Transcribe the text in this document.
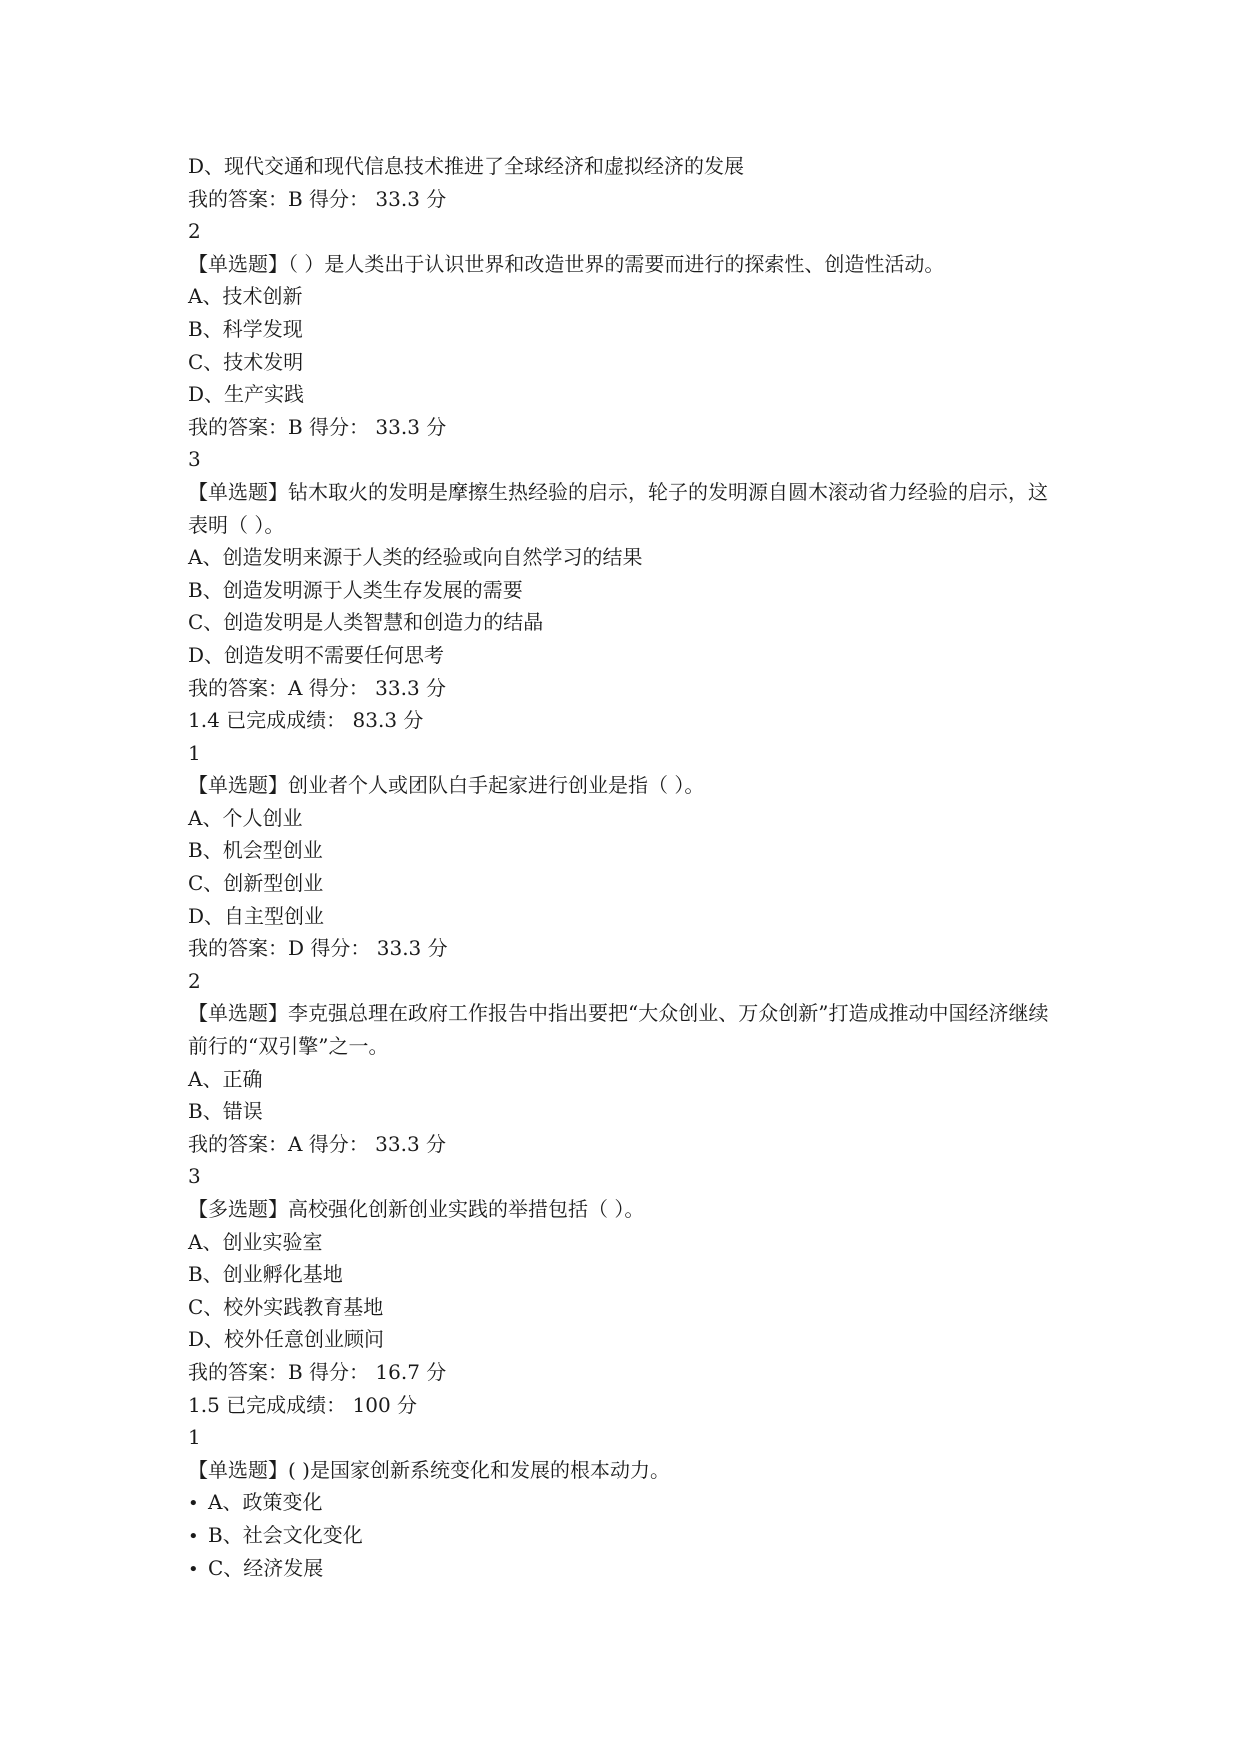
D、现代交通和现代信息技术推进了全球经济和虚拟经济的发展
我的答案：B 得分： 33.3 分
2
【单选题】（ ）是人类出于认识世界和改造世界的需要而进行的探索性、创造性活动。
A、技术创新
B、科学发现
C、技术发明
D、生产实践
我的答案：B 得分： 33.3 分
3
【单选题】钻木取火的发明是摩擦生热经验的启示，轮子的发明源自圆木滚动省力经验的启示，这表明（ ）。
A、创造发明来源于人类的经验或向自然学习的结果
B、创造发明源于人类生存发展的需要
C、创造发明是人类智慧和创造力的结晶
D、创造发明不需要任何思考
我的答案：A 得分： 33.3 分
1.4 已完成成绩： 83.3 分
1
【单选题】创业者个人或团队白手起家进行创业是指（ ）。
A、个人创业
B、机会型创业
C、创新型创业
D、自主型创业
我的答案：D 得分： 33.3 分
2
【单选题】李克强总理在政府工作报告中指出要把“大众创业、万众创新”打造成推动中国经济继续前行的“双引擎”之一。
A、正确
B、错误
我的答案：A 得分： 33.3 分
3
【多选题】高校强化创新创业实践的举措包括（ ）。
A、创业实验室
B、创业孵化基地
C、校外实践教育基地
D、校外任意创业顾问
我的答案：B 得分： 16.7 分
1.5 已完成成绩： 100 分
1
【单选题】( )是国家创新系统变化和发展的根本动力。
• A、政策变化
• B、社会文化变化
• C、经济发展
